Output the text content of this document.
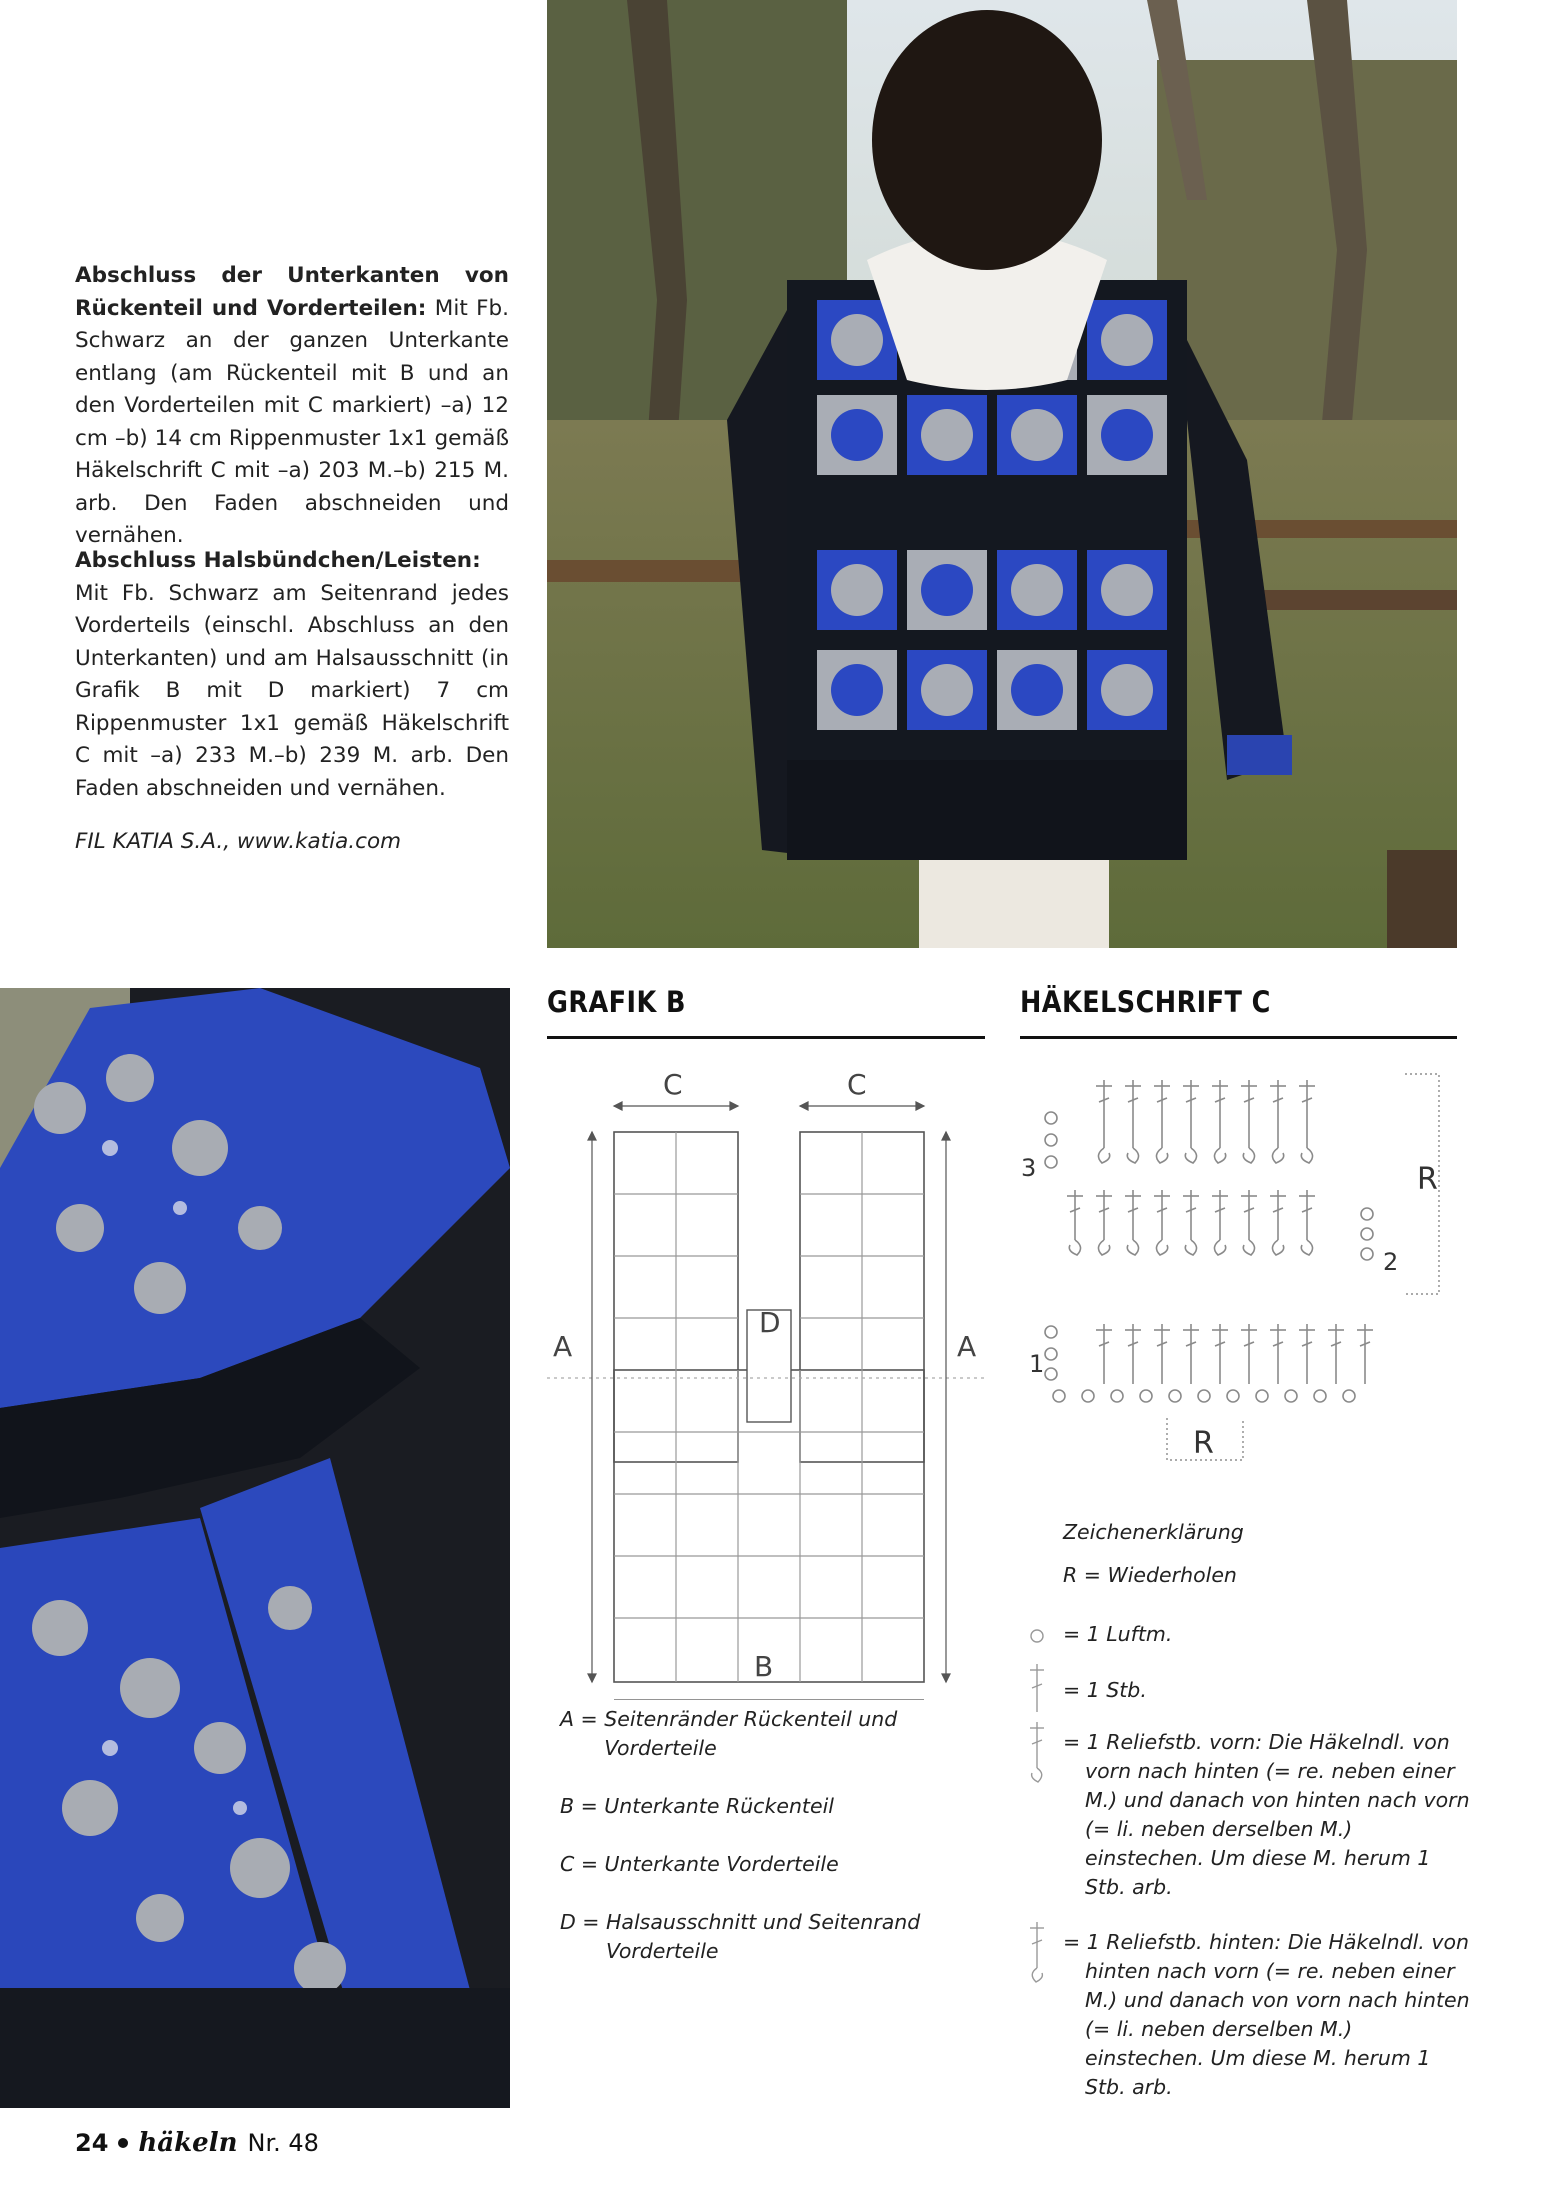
Abschluss der Unterkanten von Rückenteil und Vorderteilen: Mit Fb. Schwarz an der ganzen Unterkante entlang (am Rückenteil mit B und an den Vorderteilen mit C markiert) –a) 12 cm –b) 14 cm Rippenmuster 1x1 gemäß Häkelschrift C mit –a) 203 M.–b) 215 M. arb. Den Faden abschneiden und vernähen.
Abschluss Halsbündchen/Leisten:
Mit Fb. Schwarz am Seitenrand jedes Vorderteils (einschl. Abschluss an den Unterkanten) und am Halsausschnitt (in Grafik B mit D markiert) 7 cm Rippenmuster 1x1 gemäß Häkelschrift C mit –a) 233 M.–b) 239 M. arb. Den Faden abschneiden und vernähen.
FIL KATIA S.A., www.katia.com
GRAFIK B
C	C
A	A
D
B
A = Seitenränder Rückenteil und Vorderteile
B = Unterkante Rückenteil
C = Unterkante Vorderteile
D = Halsausschnitt und Seitenrand Vorderteile
HÄKELSCHRIFT C
3
2
1
R
R
Zeichenerklärung
R = Wiederholen
= 1 Luftm.
= 1 Stb.
= 1 Reliefstb. vorn: Die Häkelndl. von vorn nach hinten (= re. neben einer M.) und danach von hinten nach vorn (= li. neben derselben M.) einstechen. Um diese M. herum 1 Stb. arb.
= 1 Reliefstb. hinten: Die Häkelndl. von hinten nach vorn (= re. neben einer M.) und danach von vorn nach hinten (= li. neben derselben M.) einstechen. Um diese M. herum 1 Stb. arb.
24 häkeln Nr. 48
